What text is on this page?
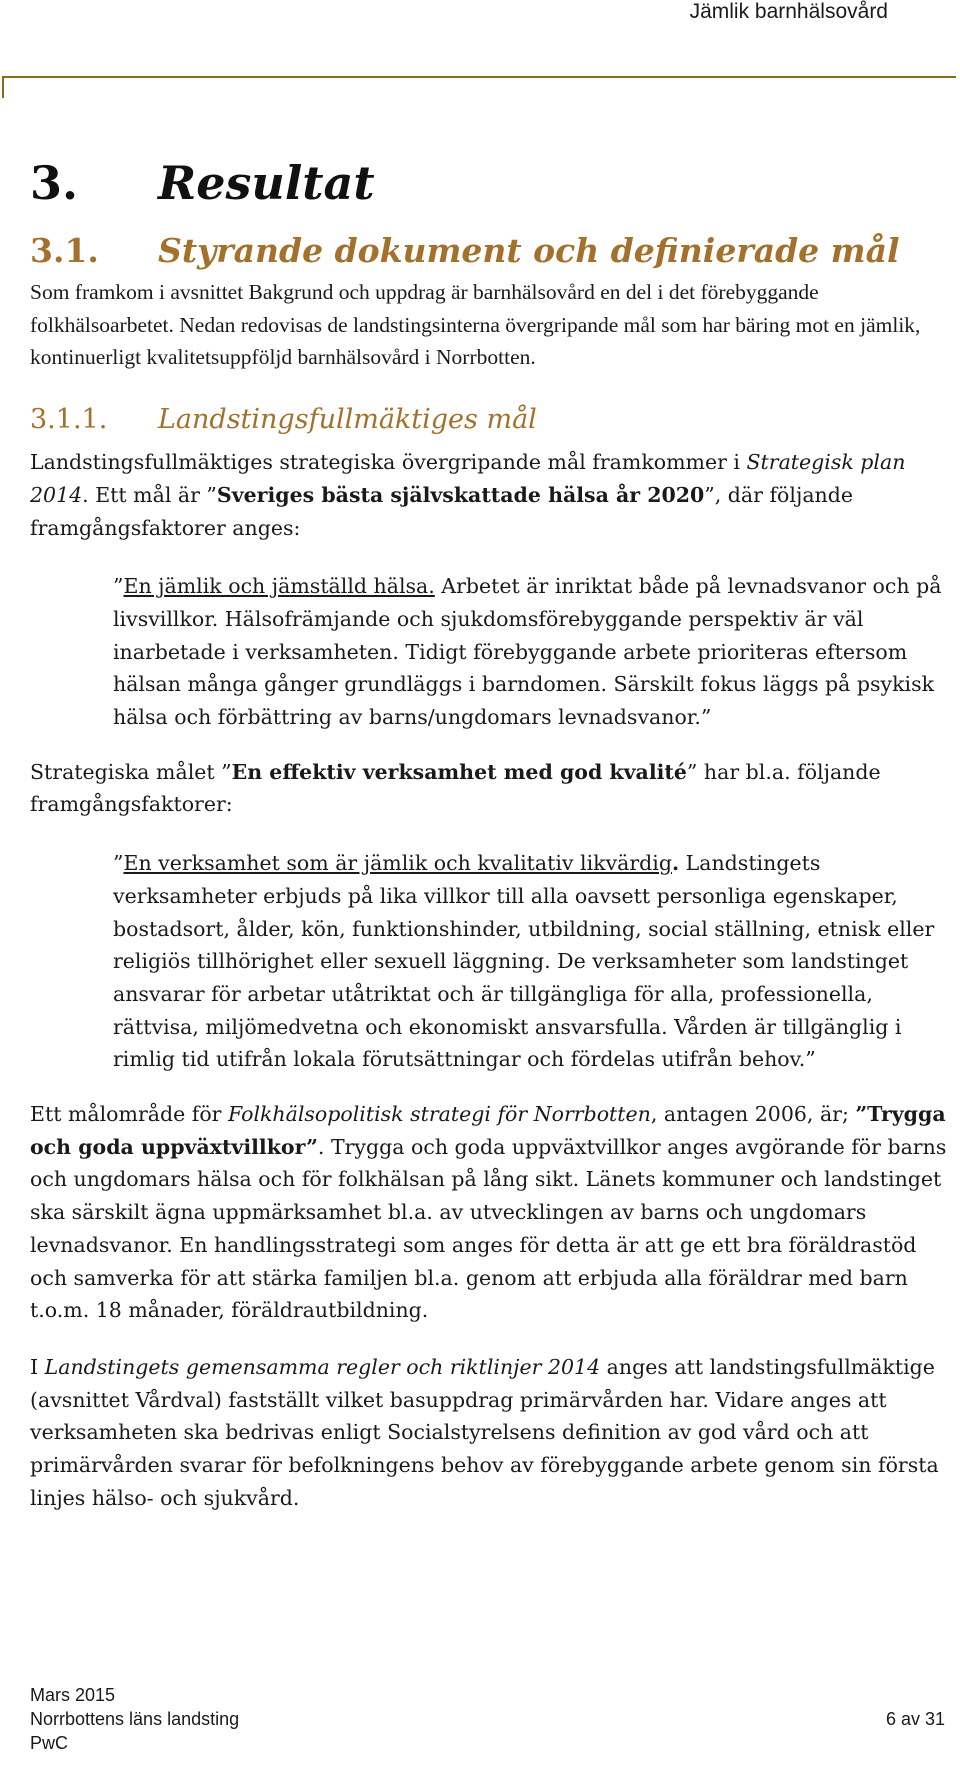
Jämlik barnhälsovård
3. Resultat
3.1. Styrande dokument och definierade mål

Som framkom i avsnittet Bakgrund och uppdrag är barnhälsovård en del i det förebyggande folkhälsoarbetet. Nedan redovisas de landstingsinterna övergripande mål som har bäring mot en jämlik, kontinuerligt kvalitetsuppföljd barnhälsovård i Norrbotten.

3.1.1. Landstingsfullmäktiges mål

Landstingsfullmäktiges strategiska övergripande mål framkommer i Strategisk plan 2014. Ett mål är ”Sveriges bästa självskattade hälsa år 2020”, där följande framgångsfaktorer anges:

”En jämlik och jämställd hälsa. Arbetet är inriktat både på levnadsvanor och på livsvillkor. Hälsofrämjande och sjukdomsförebyggande perspektiv är väl inarbetade i verksamheten. Tidigt förebyggande arbete prioriteras eftersom hälsan många gånger grundläggs i barndomen. Särskilt fokus läggs på psykisk hälsa och förbättring av barns/ungdomars levnadsvanor.”

Strategiska målet ”En effektiv verksamhet med god kvalité” har bl.a. följande framgångsfaktorer:

”En verksamhet som är jämlik och kvalitativ likvärdig. Landstingets verksamheter erbjuds på lika villkor till alla oavsett personliga egenskaper, bostadsort, ålder, kön, funktionshinder, utbildning, social ställning, etnisk eller religiös tillhörighet eller sexuell läggning. De verksamheter som landstinget ansvarar för arbetar utåtriktat och är tillgängliga för alla, professionella, rättvisa, miljömedvetna och ekonomiskt ansvarsfulla. Vården är tillgänglig i rimlig tid utifrån lokala förutsättningar och fördelas utifrån behov.”

Ett målområde för Folkhälsopolitisk strategi för Norrbotten, antagen 2006, är; ”Trygga och goda uppväxtvillkor”. Trygga och goda uppväxtvillkor anges avgörande för barns och ungdomars hälsa och för folkhälsan på lång sikt. Länets kommuner och landstinget ska särskilt ägna uppmärksamhet bl.a. av utvecklingen av barns och ungdomars levnadsvanor. En handlingsstrategi som anges för detta är att ge ett bra föräldrastöd och samverka för att stärka familjen bl.a. genom att erbjuda alla föräldrar med barn t.o.m. 18 månader, föräldrautbildning.

I Landstingets gemensamma regler och riktlinjer 2014 anges att landstingsfullmäktige (avsnittet Vårdval) fastställt vilket basuppdrag primärvården har. Vidare anges att verksamheten ska bedrivas enligt Socialstyrelsens definition av god vård och att primärvården svarar för befolkningens behov av förebyggande arbete genom sin första linjes hälso- och sjukvård.

Mars 2015
Norrbottens läns landsting
PwC
6 av 31
